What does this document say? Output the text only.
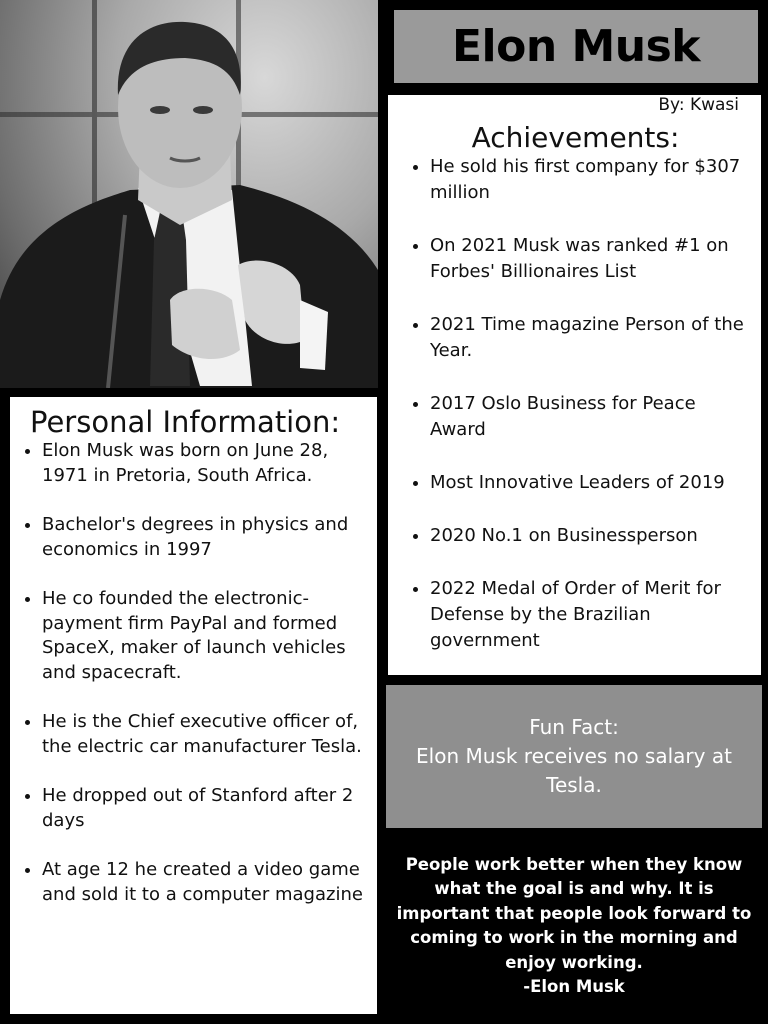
Elon Musk
By: Kwasi
Achievements:
• He sold his first company for $307 million
• On 2021 Musk was ranked #1 on Forbes' Billionaires List
• 2021 Time magazine Person of the Year.
• 2017 Oslo Business for Peace Award
• Most Innovative Leaders of 2019
• 2020 No.1 on Businessperson
• 2022 Medal of Order of Merit for Defense by the Brazilian government
Personal Information:
• Elon Musk was born on June 28, 1971 in Pretoria, South Africa.
• Bachelor's degrees in physics and economics in 1997
• He co founded the electronic-payment firm PayPal and formed SpaceX, maker of launch vehicles and spacecraft.
• He is the Chief executive officer of, the electric car manufacturer Tesla.
• He dropped out of Stanford after 2 days
• At age 12 he created a video game and sold it to a computer magazine
Fun Fact:
Elon Musk receives no salary at Tesla.
People work better when they know what the goal is and why. It is important that people look forward to coming to work in the morning and enjoy working.
-Elon Musk
